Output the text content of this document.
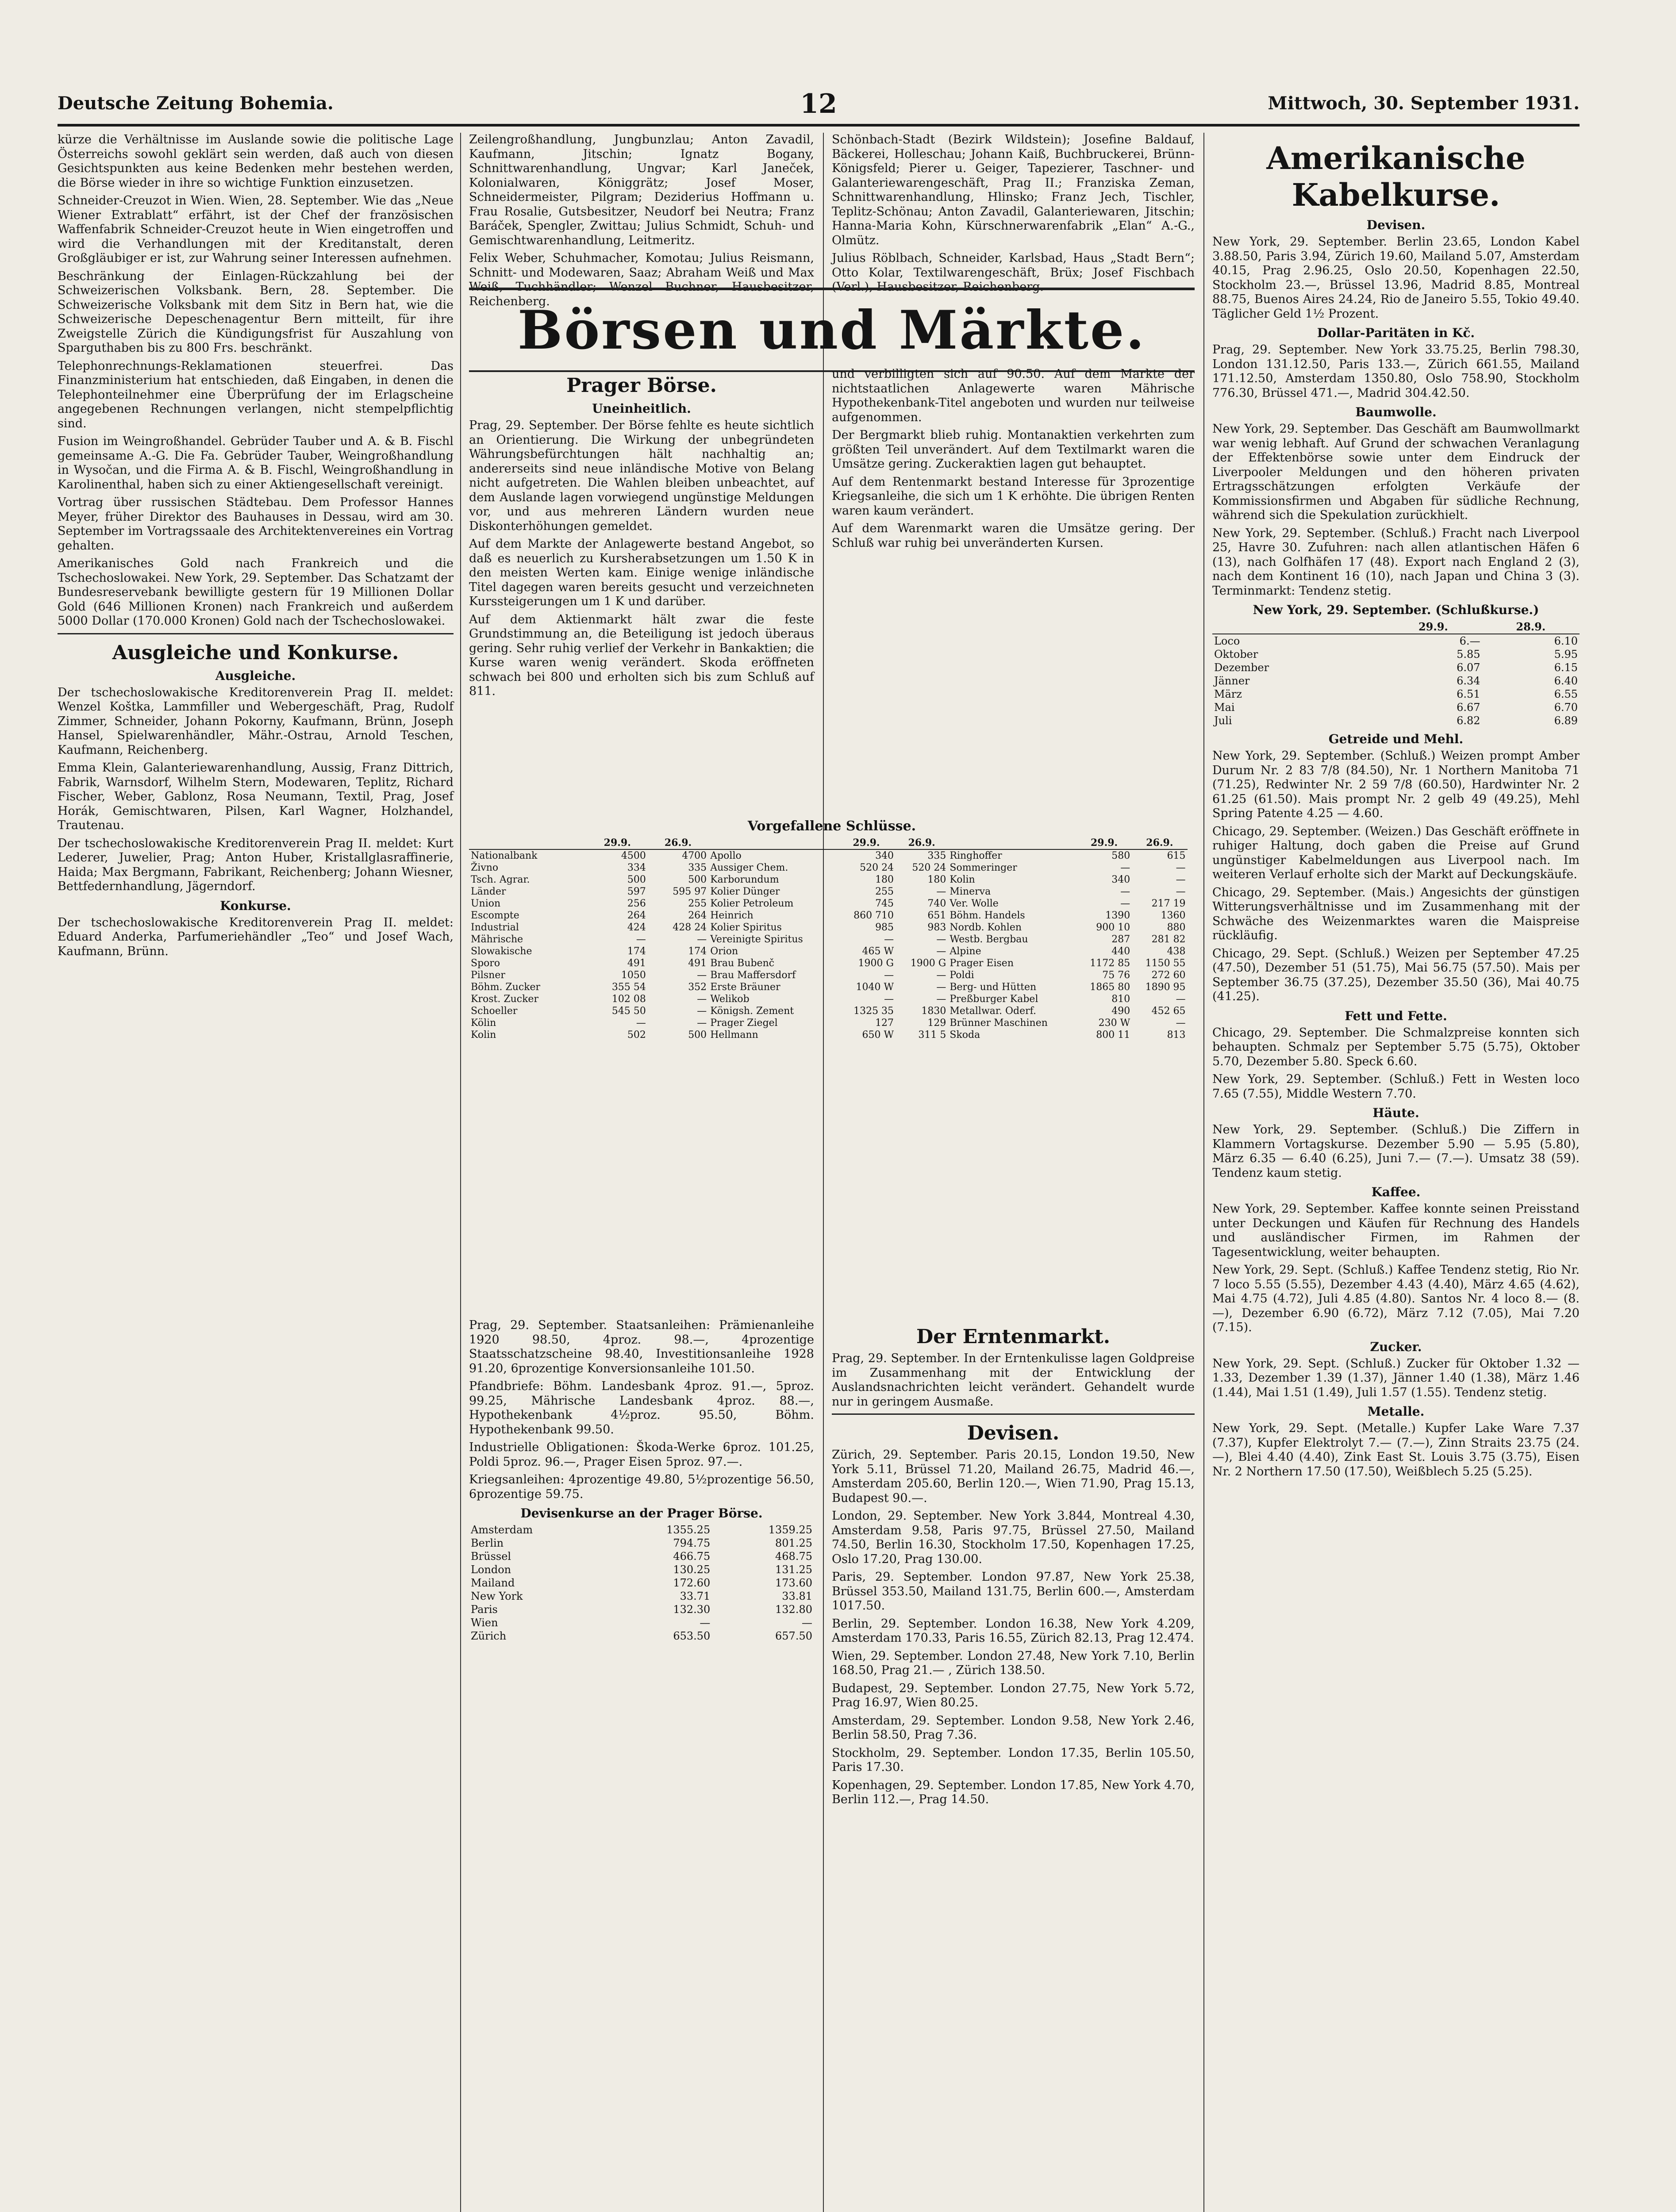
Deutsche Zeitung Bohemia.	12	Mittwoch, 30. September 1931.

kürze die Verhältnisse im Auslande sowie die politische Lage Österreichs sowohl geklärt sein werden, daß auch von diesen Gesichtspunkten aus keine Bedenken mehr bestehen werden, die Börse wieder in ihre so wichtige Funktion einzusetzen.

Schneider-Creuzot in Wien. Wien, 28. September. Wie das „Neue Wiener Extrablatt“ erfährt, ist der Chef der französischen Waffenfabrik Schneider-Creuzot heute in Wien eingetroffen und wird die Verhandlungen mit der Kreditanstalt, deren Großgläubiger er ist, zur Wahrung seiner Interessen aufnehmen.

Beschränkung der Einlagen-Rückzahlung bei der Schweizerischen Volksbank. Bern, 28. September. Die Schweizerische Volksbank mit dem Sitz in Bern hat, wie die Schweizerische Depeschenagentur Bern mitteilt, für ihre Zweigstelle Zürich die Kündigungsfrist für Auszahlung von Sparguthaben bis zu 800 Frs. beschränkt.

Telephonrechnungs-Reklamationen steuerfrei. Das Finanzministerium hat entschieden, daß Eingaben, in denen die Telephonteilnehmer eine Überprüfung der im Erlagscheine angegebenen Rechnungen verlangen, nicht stempelpflichtig sind.

Fusion im Weingroßhandel. Gebrüder Tauber und A. & B. Fischl gemeinsame A.-G. Die Fa. Gebrüder Tauber, Weingroßhandlung in Wysočan, und die Firma A. & B. Fischl, Weingroßhandlung in Karolinenthal, haben sich zu einer Aktiengesellschaft vereinigt.

Vortrag über russischen Städtebau. Dem Professor Hannes Meyer, früher Direktor des Bauhauses in Dessau, wird am 30. September im Vortragssaale des Architektenvereines ein Vortrag gehalten.

Amerikanisches Gold nach Frankreich und die Tschechoslowakei. New York, 29. September. Das Schatzamt der Bundesreservebank bewilligte gestern für 19 Millionen Dollar Gold (646 Millionen Kronen) nach Frankreich und außerdem 5000 Dollar (170.000 Kronen) Gold nach der Tschechoslowakei.

Ausgleiche und Konkurse.
Ausgleiche.

Der tschechoslowakische Kreditorenverein Prag II. meldet: Wenzel Koštka, Lammfiller und Webergeschäft, Prag, Rudolf Zimmer, Schneider, Johann Pokorny, Kaufmann, Brünn, Joseph Hansel, Spielwarenhändler, Mähr.-Ostrau, Arnold Teschen, Kaufmann, Reichenberg.

Emma Klein, Galanteriewarenhandlung, Aussig, Franz Dittrich, Fabrik, Warnsdorf, Wilhelm Stern, Modewaren, Teplitz, Richard Fischer, Weber, Gablonz, Rosa Neumann, Textil, Prag, Josef Horák, Gemischtwaren, Pilsen, Karl Wagner, Holzhandel, Trautenau.

Der tschechoslowakische Kreditorenverein Prag II. meldet: Kurt Lederer, Juwelier, Prag; Anton Huber, Kristallglasraffinerie, Haida; Max Bergmann, Fabrikant, Reichenberg; Johann Wiesner, Bettfedernhandlung, Jägerndorf.

Konkurse.

Der tschechoslowakische Kreditorenverein Prag II. meldet: Eduard Anderka, Parfumeriehändler „Teo“ und Josef Wach, Kaufmann, Brünn.

Zeilengroßhandlung, Jungbunzlau; Anton Zavadil, Kaufmann, Jitschin; Ignatz Bogany, Schnittwarenhandlung, Ungvar; Karl Janeček, Kolonialwaren, Königgrätz; Josef Moser, Schneidermeister, Pilgram; Deziderius Hoffmann u. Frau Rosalie, Gutsbesitzer, Neudorf bei Neutra; Franz Baráček, Spengler, Zwittau; Julius Schmidt, Schuh- und Gemischtwarenhandlung, Leitmeritz.

Felix Weber, Schuhmacher, Komotau; Julius Reismann, Schnitt- und Modewaren, Saaz; Abraham Weiß und Max Weiß, Tuchhändler; Wenzel Buchner, Hausbesitzer, Reichenberg.

Schönbach-Stadt (Bezirk Wildstein); Josefine Baldauf, Bäckerei, Holleschau; Johann Kaiß, Buchbruckerei, Brünn-Königsfeld; Pierer u. Geiger, Tapezierer, Taschner- und Galanteriewarengeschäft, Prag II.; Franziska Zeman, Schnittwarenhandlung, Hlinsko; Franz Jech, Tischler, Teplitz-Schönau; Anton Zavadil, Galanteriewaren, Jitschin; Hanna-Maria Kohn, Kürschnerwarenfabrik „Elan“ A.-G., Olmütz.

Julius Röblbach, Schneider, Karlsbad, Haus „Stadt Bern“; Otto Kolar, Textilwarengeschäft, Brüx; Josef Fischbach (Verl.), Hausbesitzer, Reichenberg.

Börsen und Märkte.
Prager Börse.
Uneinheitlich.

Prag, 29. September. Der Börse fehlte es heute sichtlich an Orientierung. Die Wirkung der unbegründeten Währungsbefürchtungen hält nachhaltig an; andererseits sind neue inländische Motive von Belang nicht aufgetreten. Die Wahlen bleiben unbeachtet, auf dem Auslande lagen vorwiegend ungünstige Meldungen vor, und aus mehreren Ländern wurden neue Diskonterhöhungen gemeldet.

Auf dem Markte der Anlagewerte bestand Angebot, so daß es neuerlich zu Kursherabsetzungen um 1.50 K in den meisten Werten kam. Einige wenige inländische Titel dagegen waren bereits gesucht und verzeichneten Kurssteigerungen um 1 K und darüber.

Auf dem Aktienmarkt hält zwar die feste Grundstimmung an, die Beteiligung ist jedoch überaus gering. Sehr ruhig verlief der Verkehr in Bankaktien; die Kurse waren wenig verändert. Skoda eröffneten schwach bei 800 und erholten sich bis zum Schluß auf 811.

und verbilligten sich auf 90.50. Auf dem Markte der nichtstaatlichen Anlagewerte waren Mährische Hypothekenbank-Titel angeboten und wurden nur teilweise aufgenommen.

Der Bergmarkt blieb ruhig. Montanaktien verkehrten zum größten Teil unverändert. Auf dem Textilmarkt waren die Umsätze gering. Zuckeraktien lagen gut behauptet.

Auf dem Rentenmarkt bestand Interesse für 3prozentige Kriegsanleihe, die sich um 1 K erhöhte. Die übrigen Renten waren kaum verändert.

Auf dem Warenmarkt waren die Umsätze gering. Der Schluß war ruhig bei unveränderten Kursen.

Vorgefallene Schlüsse.
	29.9.	26.9.
Nationalbank	4500	4700
Živno	334	335
Tsch. Agrar.	500	500
Länder	597	595 97
Union	256	255
Escompte	264	264
Industrial	424	428 24
Mährische	—	—
Slowakische	174	174
Sporo	491	491
Pilsner	1050	—
Böhm. Zucker	355 54	352
Krost. Zucker	102 08	—
Schoeller	545 50	—
Kölin	—	—
Kolin	502	500
	29.9.	26.9.
Apollo	340	335
Aussiger Chem.	520 24	520 24
Karborundum	180	180
Kolier Dünger	255	—
Kolier Petroleum	745	740
Heinrich	860 710	651
Kolier Spiritus	985	983
Vereinigte Spiritus	—	—
Orion	465 W	—
Brau Bubenč	1900 G	1900 G
Brau Maffersdorf	—	—
Erste Bräuner	1040 W	—
Welikob	—	—
Königsh. Zement	1325 35	1830
Prager Ziegel	127	129
Hellmann	650 W	311 5
	29.9.	26.9.
Ringhoffer	580	615
Sommeringer	—	—
Kolin	340	—
Minerva	—	—
Ver. Wolle	—	217 19
Böhm. Handels	1390	1360
Nordb. Kohlen	900 10	880
Westb. Bergbau	287	281 82
Alpine	440	438
Prager Eisen	1172 85	1150 55
Poldi	75 76	272 60
Berg- und Hütten	1865 80	1890 95
Preßburger Kabel	810	—
Metallwar. Oderf.	490	452 65
Brünner Maschinen	230 W	—
Skoda	800 11	813

Prag, 29. September. Staatsanleihen: Prämienanleihe 1920 98.50, 4proz. 98.—, 4prozentige Staatsschatzscheine 98.40, Investitionsanleihe 1928 91.20, 6prozentige Konversionsanleihe 101.50.

Pfandbriefe: Böhm. Landesbank 4proz. 91.—, 5proz. 99.25, Mährische Landesbank 4proz. 88.—, Hypothekenbank 4½proz. 95.50, Böhm. Hypothekenbank 99.50.

Industrielle Obligationen: Škoda-Werke 6proz. 101.25, Poldi 5proz. 96.—, Prager Eisen 5proz. 97.—.

Kriegsanleihen: 4prozentige 49.80, 5½prozentige 56.50, 6prozentige 59.75.

Devisenkurse an der Prager Börse.
Amsterdam	1355.25	1359.25
Berlin	794.75	801.25
Brüssel	466.75	468.75
London	130.25	131.25
Mailand	172.60	173.60
New York	33.71	33.81
Paris	132.30	132.80
Wien	—	—
Zürich	653.50	657.50
Der Erntenmarkt.

Prag, 29. September. In der Erntenkulisse lagen Goldpreise im Zusammenhang mit der Entwicklung der Auslandsnachrichten leicht verändert. Gehandelt wurde nur in geringem Ausmaße.

Devisen.

Zürich, 29. September. Paris 20.15, London 19.50, New York 5.11, Brüssel 71.20, Mailand 26.75, Madrid 46.—, Amsterdam 205.60, Berlin 120.—, Wien 71.90, Prag 15.13, Budapest 90.—.

London, 29. September. New York 3.844, Montreal 4.30, Amsterdam 9.58, Paris 97.75, Brüssel 27.50, Mailand 74.50, Berlin 16.30, Stockholm 17.50, Kopenhagen 17.25, Oslo 17.20, Prag 130.00.

Paris, 29. September. London 97.87, New York 25.38, Brüssel 353.50, Mailand 131.75, Berlin 600.—, Amsterdam 1017.50.

Berlin, 29. September. London 16.38, New York 4.209, Amsterdam 170.33, Paris 16.55, Zürich 82.13, Prag 12.474.

Wien, 29. September. London 27.48, New York 7.10, Berlin 168.50, Prag 21.— , Zürich 138.50.

Budapest, 29. September. London 27.75, New York 5.72, Prag 16.97, Wien 80.25.

Amsterdam, 29. September. London 9.58, New York 2.46, Berlin 58.50, Prag 7.36.

Stockholm, 29. September. London 17.35, Berlin 105.50, Paris 17.30.

Kopenhagen, 29. September. London 17.85, New York 4.70, Berlin 112.—, Prag 14.50.

Amerikanische Kabelkurse.
Devisen.

New York, 29. September. Berlin 23.65, London Kabel 3.88.50, Paris 3.94, Zürich 19.60, Mailand 5.07, Amsterdam 40.15, Prag 2.96.25, Oslo 20.50, Kopenhagen 22.50, Stockholm 23.—, Brüssel 13.96, Madrid 8.85, Montreal 88.75, Buenos Aires 24.24, Rio de Janeiro 5.55, Tokio 49.40. Täglicher Geld 1½ Prozent.

Dollar-Paritäten in Kč.

Prag, 29. September. New York 33.75.25, Berlin 798.30, London 131.12.50, Paris 133.—, Zürich 661.55, Mailand 171.12.50, Amsterdam 1350.80, Oslo 758.90, Stockholm 776.30, Brüssel 471.—, Madrid 304.42.50.

Baumwolle.

New York, 29. September. Das Geschäft am Baumwollmarkt war wenig lebhaft. Auf Grund der schwachen Veranlagung der Effektenbörse sowie unter dem Eindruck der Liverpooler Meldungen und den höheren privaten Ertragsschätzungen erfolgten Verkäufe der Kommissionsfirmen und Abgaben für südliche Rechnung, während sich die Spekulation zurückhielt.

New York, 29. September. (Schluß.) Fracht nach Liverpool 25, Havre 30. Zufuhren: nach allen atlantischen Häfen 6 (13), nach Golfhäfen 17 (48). Export nach England 2 (3), nach dem Kontinent 16 (10), nach Japan und China 3 (3). Terminmarkt: Tendenz stetig.

New York, 29. September. (Schlußkurse.)
	29.9.	28.9.
Loco	6.—	6.10
Oktober	5.85	5.95
Dezember	6.07	6.15
Jänner	6.34	6.40
März	6.51	6.55
Mai	6.67	6.70
Juli	6.82	6.89
Getreide und Mehl.

New York, 29. September. (Schluß.) Weizen prompt Amber Durum Nr. 2 83 7/8 (84.50), Nr. 1 Northern Manitoba 71 (71.25), Redwinter Nr. 2 59 7/8 (60.50), Hardwinter Nr. 2 61.25 (61.50). Mais prompt Nr. 2 gelb 49 (49.25), Mehl Spring Patente 4.25 — 4.60.

Chicago, 29. September. (Weizen.) Das Geschäft eröffnete in ruhiger Haltung, doch gaben die Preise auf Grund ungünstiger Kabelmeldungen aus Liverpool nach. Im weiteren Verlauf erholte sich der Markt auf Deckungskäufe.

Chicago, 29. September. (Mais.) Angesichts der günstigen Witterungsverhältnisse und im Zusammenhang mit der Schwäche des Weizenmarktes waren die Maispreise rückläufig.

Chicago, 29. Sept. (Schluß.) Weizen per September 47.25 (47.50), Dezember 51 (51.75), Mai 56.75 (57.50). Mais per September 36.75 (37.25), Dezember 35.50 (36), Mai 40.75 (41.25).

Fett und Fette.

Chicago, 29. September. Die Schmalzpreise konnten sich behaupten. Schmalz per September 5.75 (5.75), Oktober 5.70, Dezember 5.80. Speck 6.60.

New York, 29. September. (Schluß.) Fett in Westen loco 7.65 (7.55), Middle Western 7.70.

Häute.

New York, 29. September. (Schluß.) Die Ziffern in Klammern Vortagskurse. Dezember 5.90 — 5.95 (5.80), März 6.35 — 6.40 (6.25), Juni 7.— (7.—). Umsatz 38 (59). Tendenz kaum stetig.

Kaffee.

New York, 29. September. Kaffee konnte seinen Preisstand unter Deckungen und Käufen für Rechnung des Handels und ausländischer Firmen, im Rahmen der Tagesentwicklung, weiter behaupten.

New York, 29. Sept. (Schluß.) Kaffee Tendenz stetig, Rio Nr. 7 loco 5.55 (5.55), Dezember 4.43 (4.40), März 4.65 (4.62), Mai 4.75 (4.72), Juli 4.85 (4.80). Santos Nr. 4 loco 8.— (8.—), Dezember 6.90 (6.72), März 7.12 (7.05), Mai 7.20 (7.15).

Zucker.

New York, 29. Sept. (Schluß.) Zucker für Oktober 1.32 — 1.33, Dezember 1.39 (1.37), Jänner 1.40 (1.38), März 1.46 (1.44), Mai 1.51 (1.49), Juli 1.57 (1.55). Tendenz stetig.

Metalle.

New York, 29. Sept. (Metalle.) Kupfer Lake Ware 7.37 (7.37), Kupfer Elektrolyt 7.— (7.—), Zinn Straits 23.75 (24.—), Blei 4.40 (4.40), Zink East St. Louis 3.75 (3.75), Eisen Nr. 2 Northern 17.50 (17.50), Weißblech 5.25 (5.25).
